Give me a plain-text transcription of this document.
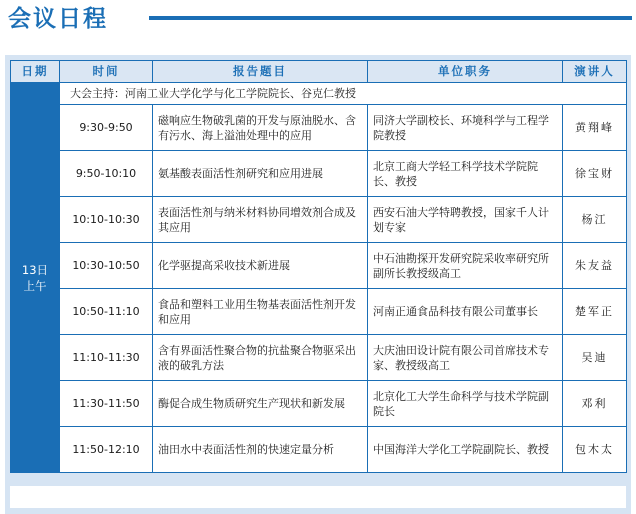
会议日程
日期	时间	报告题目	单位职务	演讲人

13日
上午	大会主持：河南工业大学化学与化工学院院长、谷克仁教授			
	9:30-9:50	磁响应生物破乳菌的开发与原油脱水、含有污水、海上溢油处理中的应用	同济大学副校长、环境科学与工程学院教授	黄翔峰
	9:50-10:10	氨基酸表面活性剂研究和应用进展	北京工商大学轻工科学技术学院院长、教授	徐宝财
	10:10-10:30	表面活性剂与纳米材料协同增效剂合成及其应用	西安石油大学特聘教授，国家千人计划专家	杨江
	10:30-10:50	化学驱提高采收技术新进展	中石油勘探开发研究院采收率研究所副所长教授级高工	朱友益
	10:50-11:10	食品和塑料工业用生物基表面活性剂开发和应用	河南正通食品科技有限公司董事长	楚军正
	11:10-11:30	含有界面活性聚合物的抗盐聚合物驱采出液的破乳方法	大庆油田设计院有限公司首席技术专家、教授级高工	吴迪
	11:30-11:50	酶促合成生物质研究生产现状和新发展	北京化工大学生命科学与技术学院副院长	邓利
	11:50-12:10	油田水中表面活性剂的快速定量分析	中国海洋大学化工学院副院长、教授	包木太
